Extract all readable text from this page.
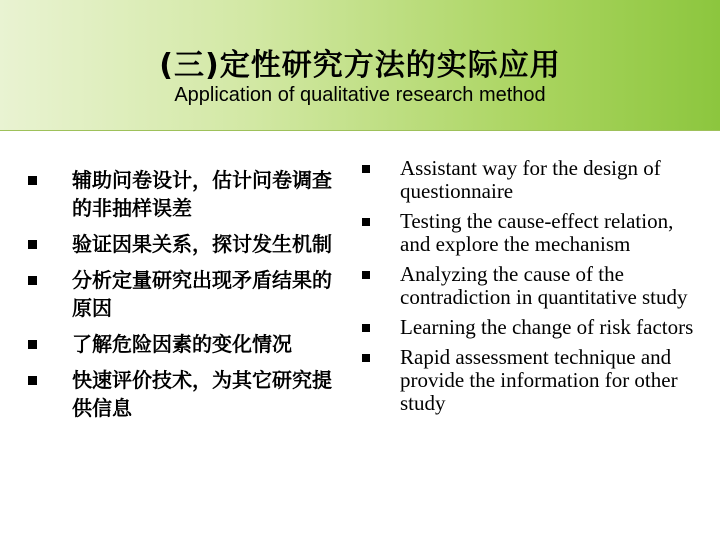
(三)定性研究方法的实际应用
Application of qualitative research method
辅助问卷设计，估计问卷调查的非抽样误差
验证因果关系，探讨发生机制
分析定量研究出现矛盾结果的原因
了解危险因素的变化情况
快速评价技术，为其它研究提供信息
Assistant way for the design of questionnaire
Testing the cause-effect relation, and explore the mechanism
Analyzing the cause of the contradiction in quantitative study
Learning the change of risk factors
Rapid assessment technique and provide the information for other study
